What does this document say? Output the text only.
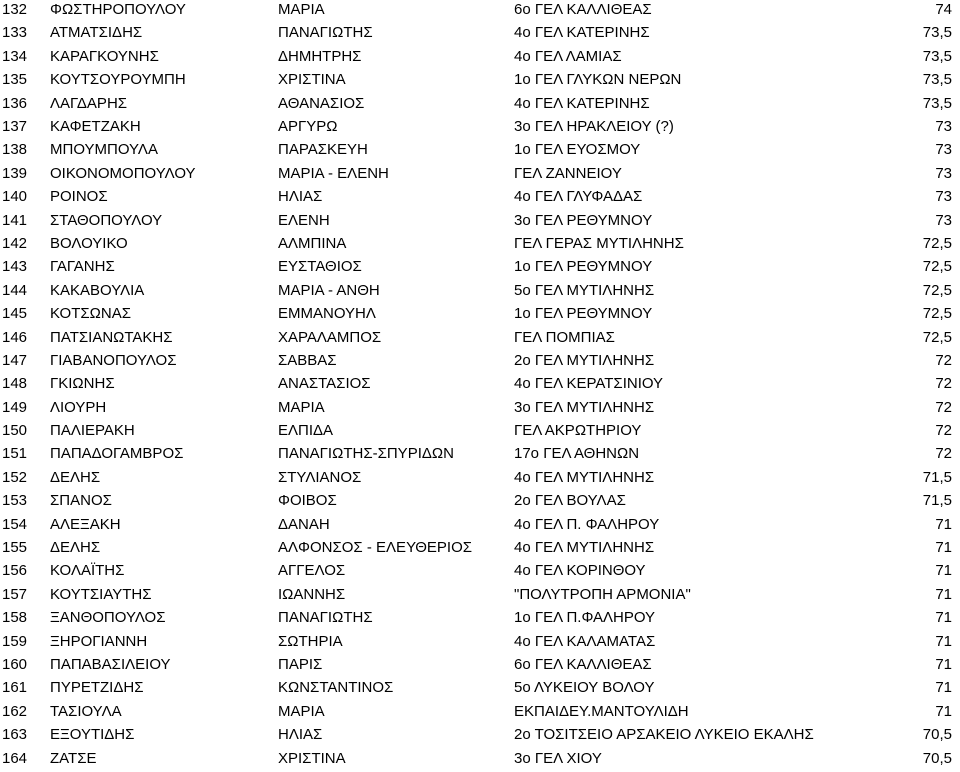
132	ΦΩΣΤΗΡΟΠΟΥΛΟΥ	ΜΑΡΙΑ	6ο ΓΕΛ ΚΑΛΛΙΘΕΑΣ	74
133	ΑΤΜΑΤΣΙΔΗΣ	ΠΑΝΑΓΙΩΤΗΣ	4ο ΓΕΛ ΚΑΤΕΡΙΝΗΣ	73,5
134	ΚΑΡΑΓΚΟΥΝΗΣ	ΔΗΜΗΤΡΗΣ	4ο ΓΕΛ ΛΑΜΙΑΣ	73,5
135	ΚΟΥΤΣΟΥΡΟΥΜΠΗ	ΧΡΙΣΤΙΝΑ	1ο ΓΕΛ ΓΛΥΚΩΝ ΝΕΡΩΝ	73,5
136	ΛΑΓΔΑΡΗΣ	ΑΘΑΝΑΣΙΟΣ	4ο ΓΕΛ ΚΑΤΕΡΙΝΗΣ	73,5
137	ΚΑΦΕΤΖΑΚΗ	ΑΡΓΥΡΩ	3ο ΓΕΛ ΗΡΑΚΛΕΙΟΥ (?)	73
138	ΜΠΟΥΜΠΟΥΛΑ	ΠΑΡΑΣΚΕΥΗ	1ο ΓΕΛ ΕΥΟΣΜΟΥ	73
139	ΟΙΚΟΝΟΜΟΠΟΥΛΟΥ	ΜΑΡΙΑ - ΕΛΕΝΗ	ΓΕΛ ΖΑΝΝΕΙΟΥ	73
140	ΡΟΙΝΟΣ	ΗΛΙΑΣ	4ο ΓΕΛ ΓΛΥΦΑΔΑΣ	73
141	ΣΤΑΘΟΠΟΥΛΟΥ	ΕΛΕΝΗ	3ο ΓΕΛ ΡΕΘΥΜΝΟΥ	73
142	ΒΟΛΟΥΙΚΟ	ΑΛΜΠΙΝΑ	ΓΕΛ ΓΕΡΑΣ ΜΥΤΙΛΗΝΗΣ	72,5
143	ΓΑΓΑΝΗΣ	ΕΥΣΤΑΘΙΟΣ	1ο ΓΕΛ ΡΕΘΥΜΝΟΥ	72,5
144	ΚΑΚΑΒΟΥΛΙΑ	ΜΑΡΙΑ - ΑΝΘΗ	5ο ΓΕΛ ΜΥΤΙΛΗΝΗΣ	72,5
145	ΚΟΤΣΩΝΑΣ	ΕΜΜΑΝΟΥΗΛ	1ο ΓΕΛ ΡΕΘΥΜΝΟΥ	72,5
146	ΠΑΤΣΙΑΝΩΤΑΚΗΣ	ΧΑΡΑΛΑΜΠΟΣ	ΓΕΛ ΠΟΜΠΙΑΣ	72,5
147	ΓΙΑΒΑΝΟΠΟΥΛΟΣ	ΣΑΒΒΑΣ	2ο ΓΕΛ ΜΥΤΙΛΗΝΗΣ	72
148	ΓΚΙΩΝΗΣ	ΑΝΑΣΤΑΣΙΟΣ	4ο ΓΕΛ ΚΕΡΑΤΣΙΝΙΟΥ	72
149	ΛΙΟΥΡΗ	ΜΑΡΙΑ	3ο ΓΕΛ ΜΥΤΙΛΗΝΗΣ	72
150	ΠΑΛΙΕΡΑΚΗ	ΕΛΠΙΔΑ	ΓΕΛ ΑΚΡΩΤΗΡΙΟΥ	72
151	ΠΑΠΑΔΟΓΑΜΒΡΟΣ	ΠΑΝΑΓΙΩΤΗΣ-ΣΠΥΡΙΔΩΝ	17ο ΓΕΛ ΑΘΗΝΩΝ	72
152	ΔΕΛΗΣ	ΣΤΥΛΙΑΝΟΣ	4ο ΓΕΛ ΜΥΤΙΛΗΝΗΣ	71,5
153	ΣΠΑΝΟΣ	ΦΟΙΒΟΣ	2ο ΓΕΛ ΒΟΥΛΑΣ	71,5
154	ΑΛΕΞΑΚΗ	ΔΑΝΑΗ	4ο ΓΕΛ Π. ΦΑΛΗΡΟΥ	71
155	ΔΕΛΗΣ	ΑΛΦΟΝΣΟΣ - ΕΛΕΥΘΕΡΙΟΣ	4ο ΓΕΛ ΜΥΤΙΛΗΝΗΣ	71
156	ΚΟΛΑΪΤΗΣ	ΑΓΓΕΛΟΣ	4ο ΓΕΛ ΚΟΡΙΝΘΟΥ	71
157	ΚΟΥΤΣΙΑΥΤΗΣ	ΙΩΑΝΝΗΣ	"ΠΟΛΥΤΡΟΠΗ ΑΡΜΟΝΙΑ"	71
158	ΞΑΝΘΟΠΟΥΛΟΣ	ΠΑΝΑΓΙΩΤΗΣ	1ο ΓΕΛ Π.ΦΑΛΗΡΟΥ	71
159	ΞΗΡΟΓΙΑΝΝΗ	ΣΩΤΗΡΙΑ	4ο ΓΕΛ ΚΑΛΑΜΑΤΑΣ	71
160	ΠΑΠΑΒΑΣΙΛΕΙΟΥ	ΠΑΡΙΣ	6ο ΓΕΛ ΚΑΛΛΙΘΕΑΣ	71
161	ΠΥΡΕΤΖΙΔΗΣ	ΚΩΝΣΤΑΝΤΙΝΟΣ	5ο ΛΥΚΕΙΟΥ ΒΟΛΟΥ	71
162	ΤΑΣΙΟΥΛΑ	ΜΑΡΙΑ	ΕΚΠΑΙΔΕΥ.ΜΑΝΤΟΥΛΙΔΗ	71
163	ΕΞΟΥΤΙΔΗΣ	ΗΛΙΑΣ	2ο ΤΟΣΙΤΣΕΙΟ ΑΡΣΑΚΕΙΟ ΛΥΚΕΙΟ ΕΚΑΛΗΣ	70,5
164	ΖΑΤΣΕ	ΧΡΙΣΤΙΝΑ	3ο ΓΕΛ ΧΙΟΥ	70,5
